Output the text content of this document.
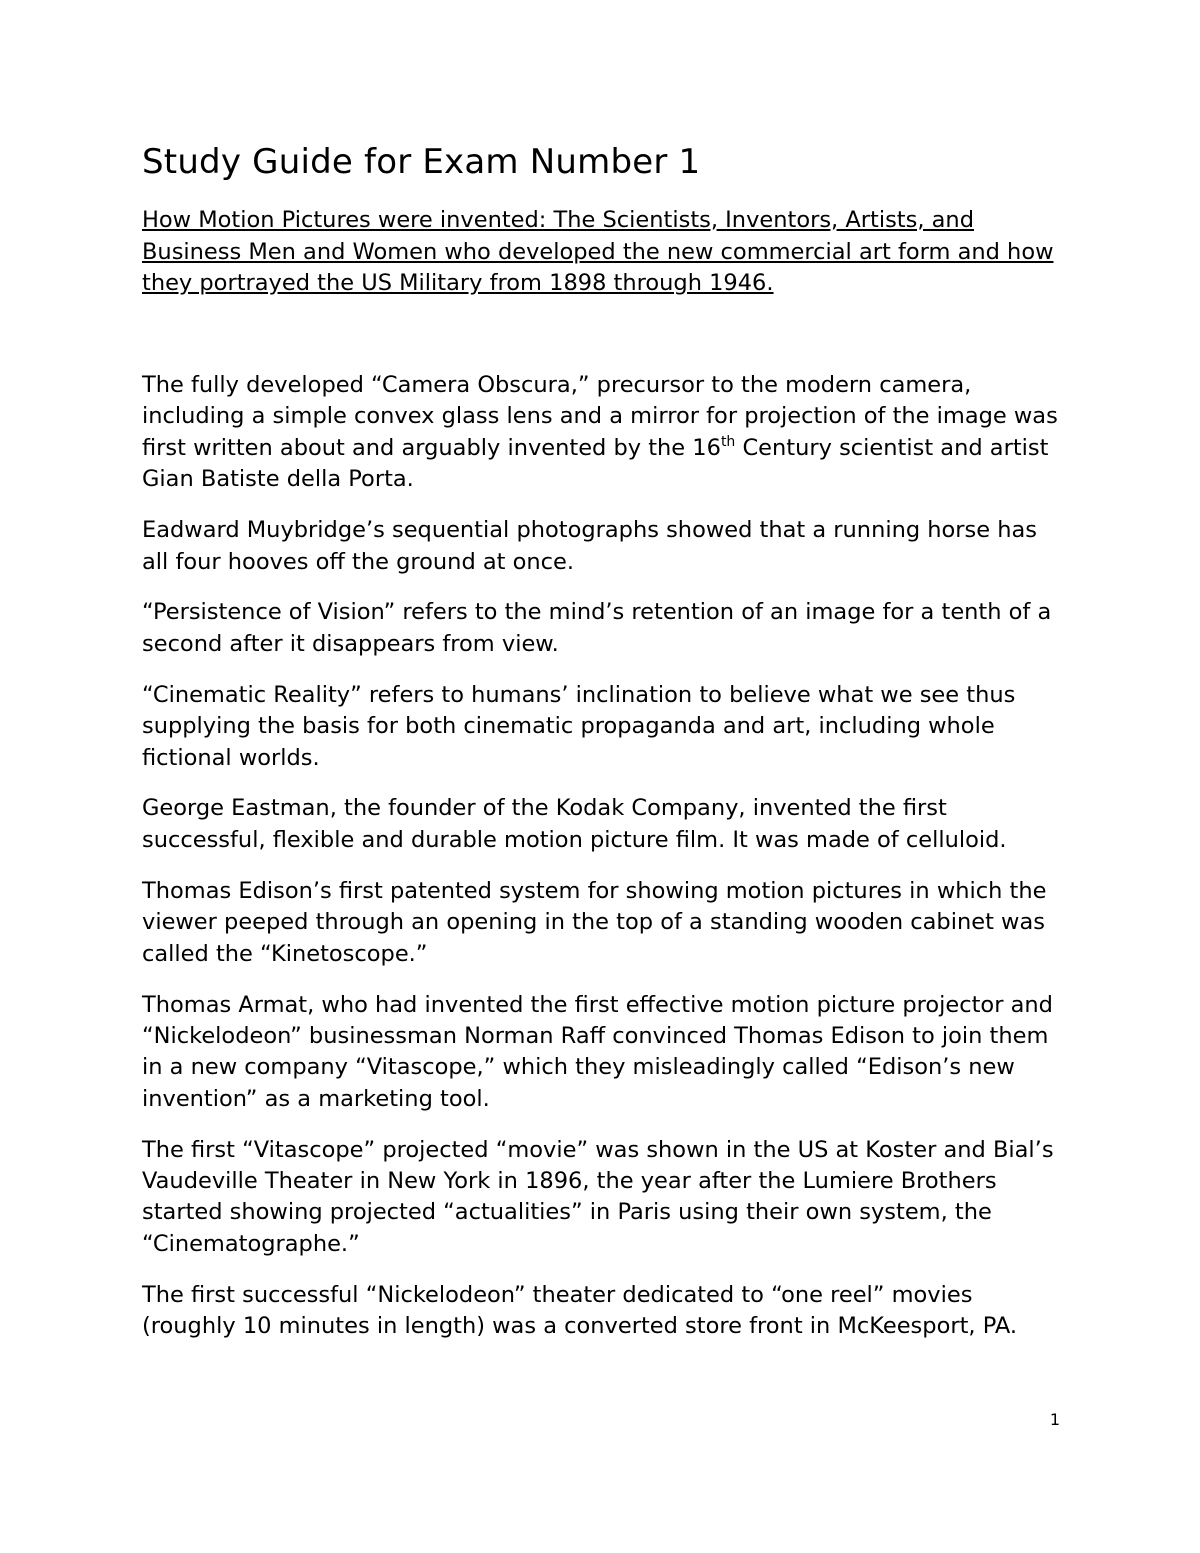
Study Guide for Exam Number 1

How Motion Pictures were invented: The Scientists, Inventors, Artists, and Business Men and Women who developed the new commercial art form and how they portrayed the US Military from 1898 through 1946.

The fully developed “Camera Obscura,” precursor to the modern camera, including a simple convex glass lens and a mirror for projection of the image was first written about and arguably invented by the 16th Century scientist and artist Gian Batiste della Porta.

Eadward Muybridge’s sequential photographs showed that a running horse has all four hooves off the ground at once.

“Persistence of Vision” refers to the mind’s retention of an image for a tenth of a second after it disappears from view.

“Cinematic Reality” refers to humans’ inclination to believe what we see thus supplying the basis for both cinematic propaganda and art, including whole fictional worlds.

George Eastman, the founder of the Kodak Company, invented the first successful, flexible and durable motion picture film. It was made of celluloid.

Thomas Edison’s first patented system for showing motion pictures in which the viewer peeped through an opening in the top of a standing wooden cabinet was called the “Kinetoscope.”

Thomas Armat, who had invented the first effective motion picture projector and “Nickelodeon” businessman Norman Raff convinced Thomas Edison to join them in a new company “Vitascope,” which they misleadingly called “Edison’s new invention” as a marketing tool.

The first “Vitascope” projected “movie” was shown in the US at Koster and Bial’s Vaudeville Theater in New York in 1896, the year after the Lumiere Brothers started showing projected “actualities” in Paris using their own system, the “Cinematographe.”

The first successful “Nickelodeon” theater dedicated to “one reel” movies (roughly 10 minutes in length) was a converted store front in McKeesport, PA.

1
